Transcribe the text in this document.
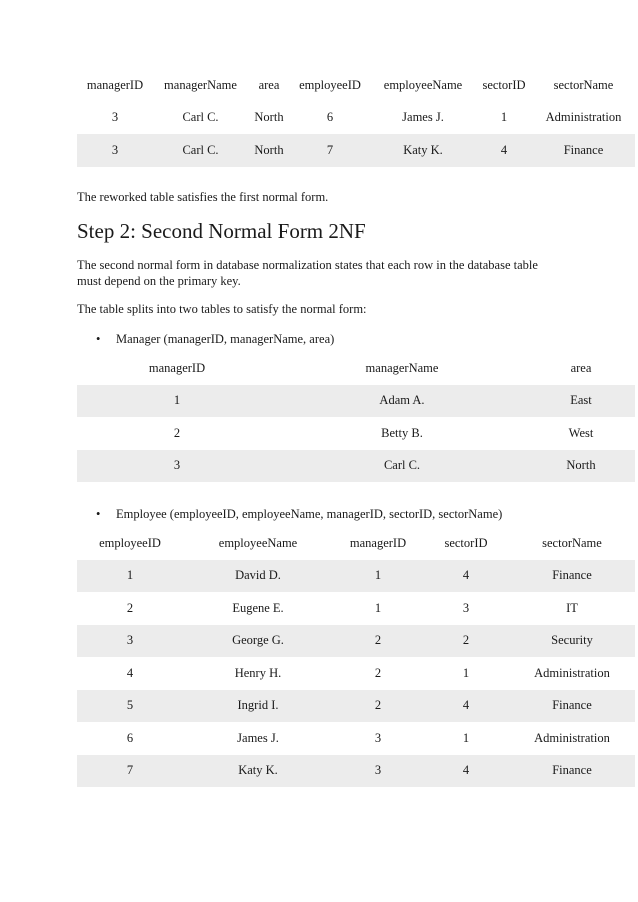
managerID	managerName	area	employeeID	employeeName	sectorID	sectorName
3	Carl C.	North	6	James J.	1	Administration
3	Carl C.	North	7	Katy K.	4	Finance

The reworked table satisfies the first normal form.

Step 2: Second Normal Form 2NF

The second normal form in database normalization states that each row in the database table
must depend on the primary key.

The table splits into two tables to satisfy the normal form:

• Manager (managerID, managerName, area)
managerID	managerName	area
1	Adam A.	East
2	Betty B.	West
3	Carl C.	North
• Employee (employeeID, employeeName, managerID, sectorID, sectorName)
employeeID	employeeName	managerID	sectorID	sectorName
1	David D.	1	4	Finance
2	Eugene E.	1	3	IT
3	George G.	2	2	Security
4	Henry H.	2	1	Administration
5	Ingrid I.	2	4	Finance
6	James J.	3	1	Administration
7	Katy K.	3	4	Finance
